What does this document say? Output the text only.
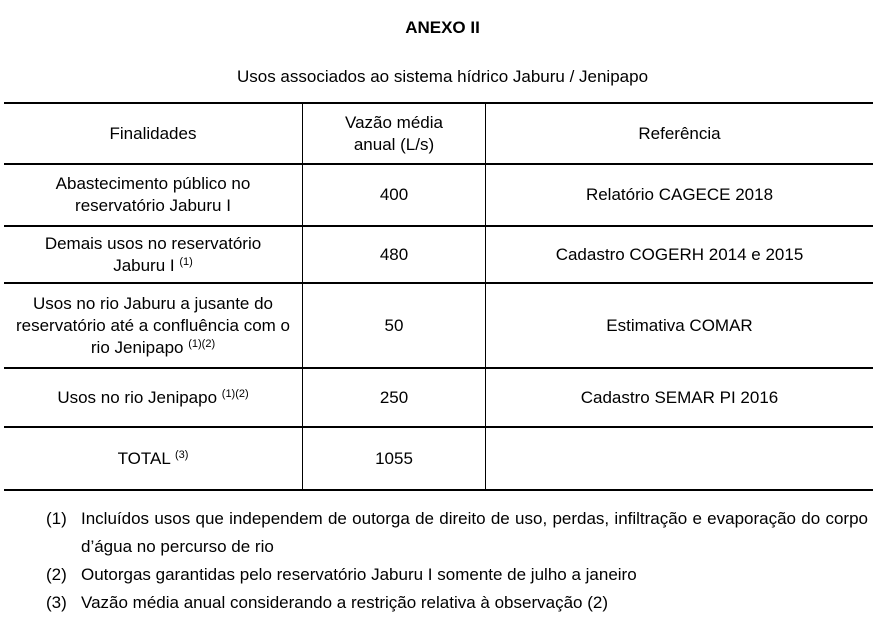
ANEXO II
Usos associados ao sistema hídrico Jaburu / Jenipapo
Finalidades	Vazão média anual (L/s)	Referência

Abastecimento público no reservatório Jaburu I	400	Relatório CAGECE 2018

Demais usos no reservatório Jaburu I $^{(1)}$	480	Cadastro COGERH 2014 e 2015

Usos no rio Jaburu a jusante do reservatório até a confluência com o rio Jenipapo $^{(1)(2)}$	50	Estimativa COMAR
Usos no rio Jenipapo $^{(1)(2)}$	250	Cadastro SEMAR PI 2016
TOTAL $^{(3)}$	1055	
(1) Incluídos usos que independem de outorga de direito de uso, perdas, infiltração e evaporação do corpo d’água no percurso de rio
(2) Outorgas garantidas pelo reservatório Jaburu I somente de julho a janeiro
(3) Vazão média anual considerando a restrição relativa à observação (2)
